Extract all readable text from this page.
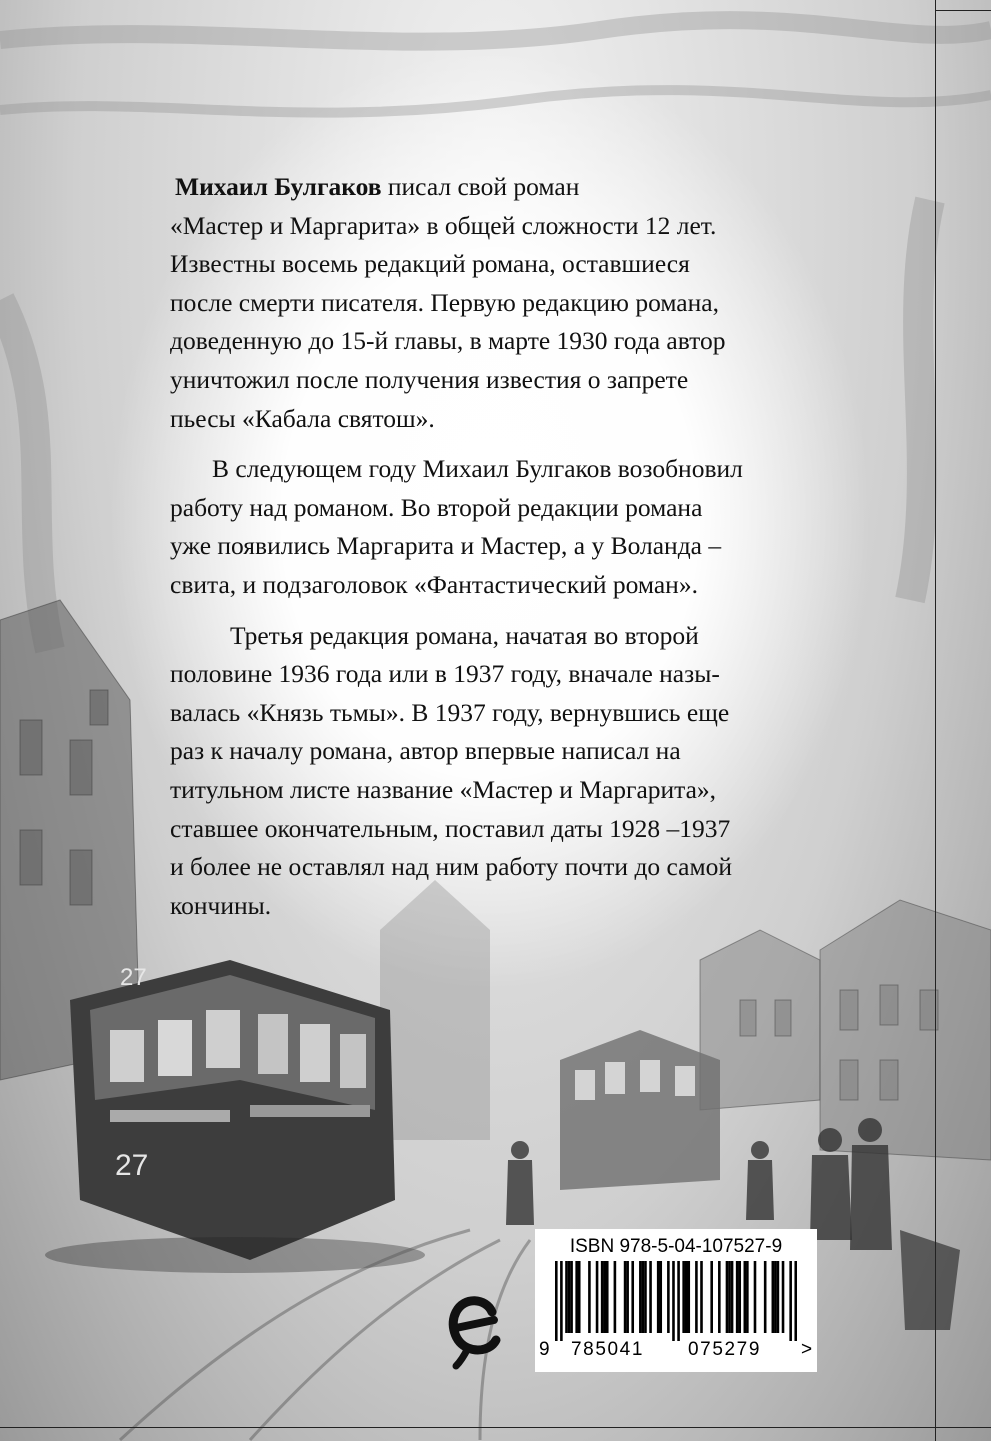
27
27

Михаил Булгаков писал свой роман
«Мастер и Маргарита» в общей сложности 12 лет.
Известны восемь редакций романа, оставшиеся
после смерти писателя. Первую редакцию романа,
доведенную до 15-й главы, в марте 1930 года автор
уничтожил после получения известия о запрете
пьесы «Кабала святош».

В следующем году Михаил Булгаков возобновил
работу над романом. Во второй редакции романа
уже появились Маргарита и Мастер, а у Воланда –
свита, и подзаголовок «Фантастический роман».

Третья редакция романа, начатая во второй
половине 1936 года или в 1937 году, вначале назы-
валась «Князь тьмы». В 1937 году, вернувшись еще
раз к началу романа, автор впервые написал на
титульном листе название «Мастер и Маргарита»,
ставшее окончательным, поставил даты 1928 –1937
и более не оставлял над ним работу почти до самой
кончины.

ISBN 978-5-04-107527-9
9 785041 075279 >
